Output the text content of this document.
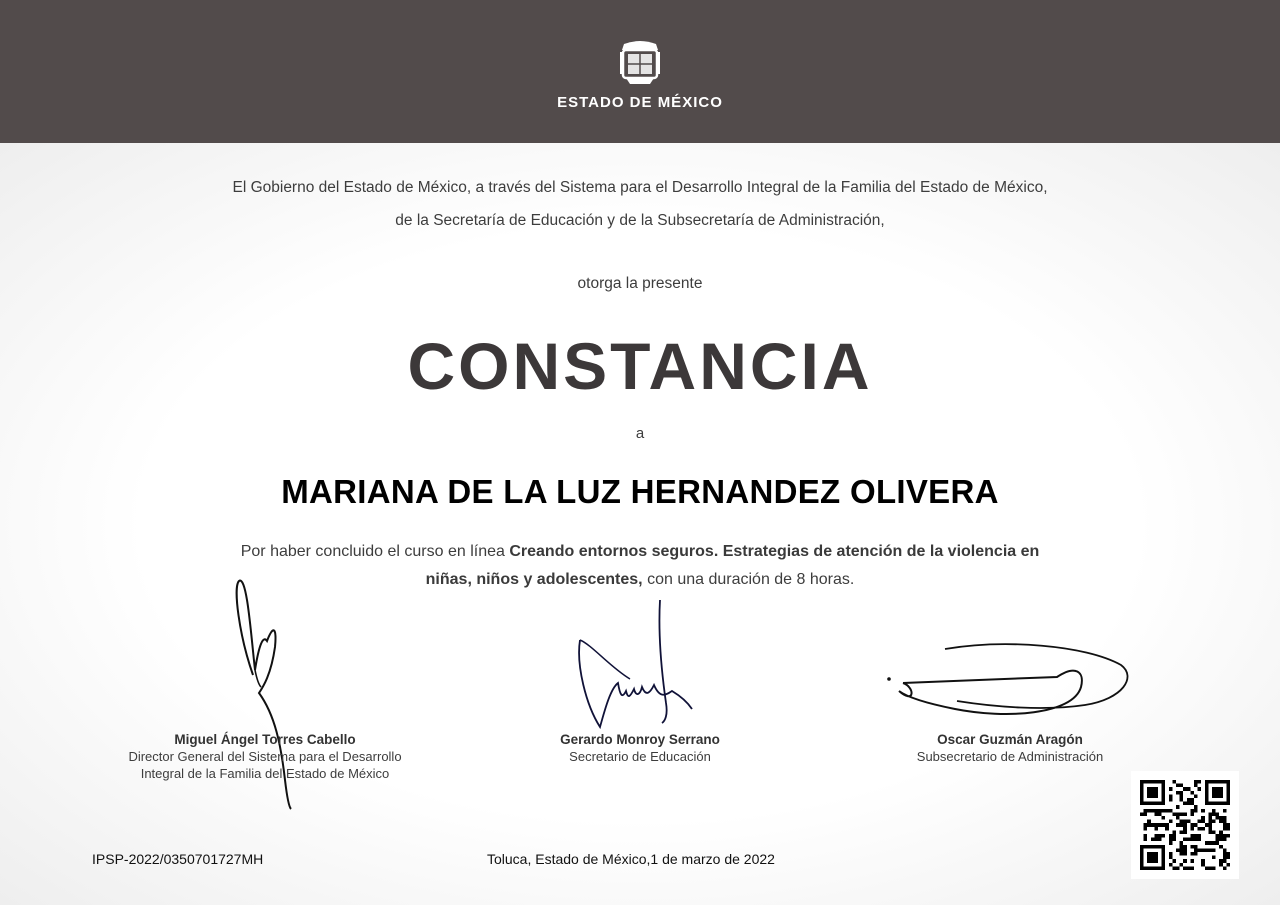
ESTADO DE MÉXICO
El Gobierno del Estado de México, a través del Sistema para el Desarrollo Integral de la Familia del Estado de México,
de la Secretaría de Educación y de la Subsecretaría de Administración,
otorga la presente
CONSTANCIA
a
MARIANA DE LA LUZ HERNANDEZ OLIVERA
Por haber concluido el curso en línea Creando entornos seguros. Estrategias de atención de la violencia en
niñas, niños y adolescentes, con una duración de 8 horas.
Miguel Ángel Torres Cabello
Director General del Sistema para el Desarrollo
Integral de la Familia del Estado de México
Gerardo Monroy Serrano
Secretario de Educación
Oscar Guzmán Aragón
Subsecretario de Administración
IPSP-2022/0350701727MH	Toluca, Estado de México,1 de marzo de 2022
